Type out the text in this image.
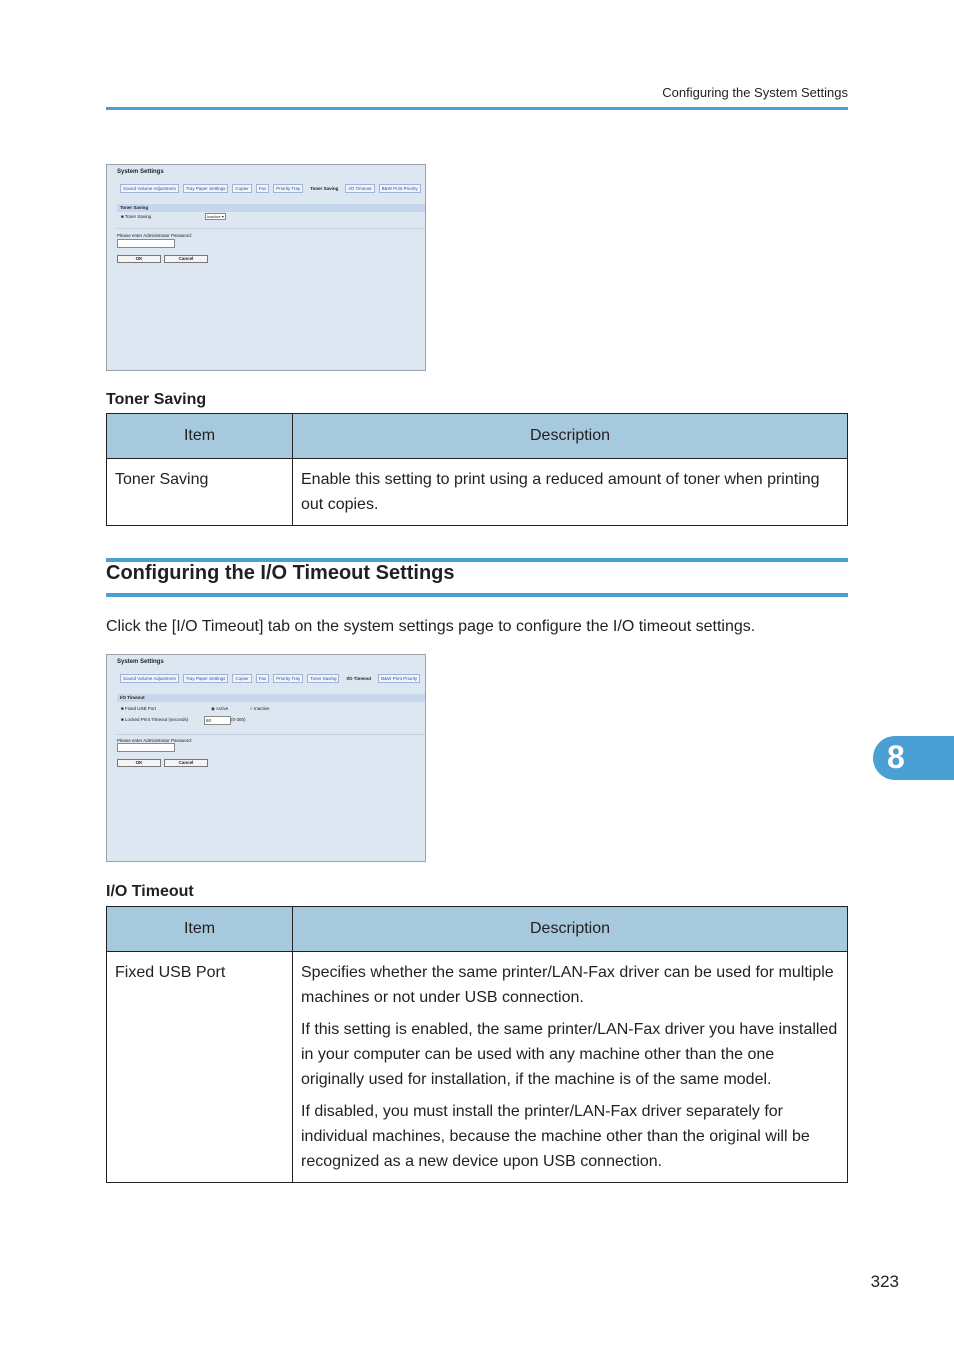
Configuring the System Settings
System Settings
Sound Volume Adjustment	Tray Paper Settings	Copier	Fax	Priority Tray	Toner Saving	I/O Timeout	B&W Print Priority
Toner Saving
■ Toner Saving	Inactive ▾
Please enter Administrator Password:
OK	Cancel
Toner Saving
Item	Description
Toner Saving	Enable this setting to print using a reduced amount of toner when printing out copies.

Configuring the I/O Timeout Settings
Click the [I/O Timeout] tab on the system settings page to configure the I/O timeout settings.
System Settings
Sound Volume Adjustment	Tray Paper Settings	Copier	Fax	Priority Tray	Toner Saving	I/O Timeout	B&W Print Priority
I/O Timeout
■ Fixed USB Port	◉ Active	○ Inactive
■ Locked Print Timeout (seconds)	60	(0-300)
Please enter Administrator Password:
OK	Cancel
I/O Timeout
Item	Description
Fixed USB Port	Specifies whether the same printer/LAN-Fax driver can be used for multiple machines or not under USB connection.

If this setting is enabled, the same printer/LAN-Fax driver you have installed in your computer can be used with any machine other than the one originally used for installation, if the machine is of the same model.

If disabled, you must install the printer/LAN-Fax driver separately for individual machines, because the machine other than the original will be recognized as a new device upon USB connection.

8
323
